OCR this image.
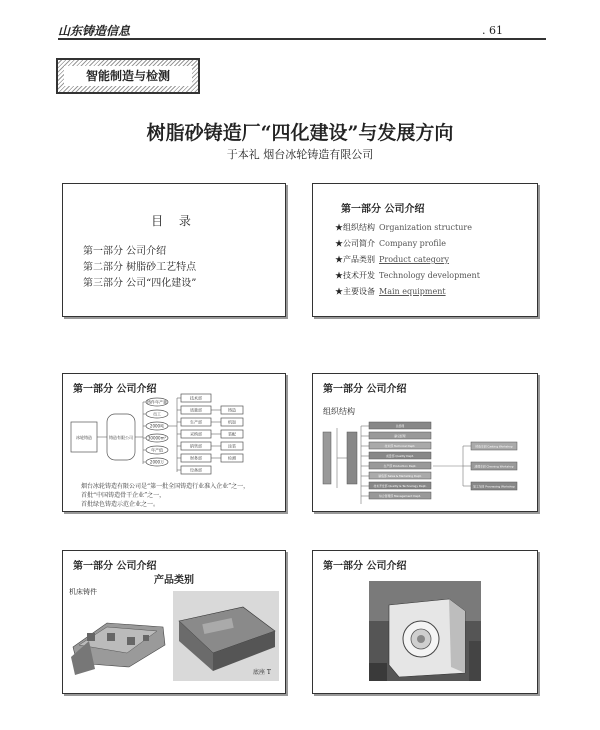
山东铸造信息	. 61
智能制造与检测
树脂砂铸造厂“四化建设”与发展方向
于本礼 烟台冰轮铸造有限公司
目 录
第一部分 公司介绍
第二部分 树脂砂工艺特点
第三部分 公司“四化建设”
第一部分 公司介绍
★组织结构 Organization structure
★公司简介 Company profile
★产品类别 Product category
★技术开发 Technology development
★主要设备 Main equipment
第一部分 公司介绍
冰轮铸造	铸造有限公司
铸件年产量
员工
2000吨
30000m²
年产值
2000万
技术部
质量部
生产部
采购部
销售部
财务部
设备部
铸造
机加
装配
涂装
检测
烟台冰轮铸造有限公司是“第一批全国铸造行业准入企业”之一，
首批“中国铸造骨干企业”之一，
首批绿色铸造示范企业之一。
第一部分 公司介绍
组织结构
总经理
副总经理
技术部 Technical Dept.
质量部 Quality Dept.
生产部 Production Dept.
销售部 Sales & Marketing Dept.
技术开发部 Quality & Technology Dept.
综合管理部 Management Dept.
铸造车间 Casting Workshop
清理车间 Cleaning Workshop
加工车间 Processing Workshop
第一部分 公司介绍
产品类别
机床铸件
底座 T
第一部分 公司介绍
